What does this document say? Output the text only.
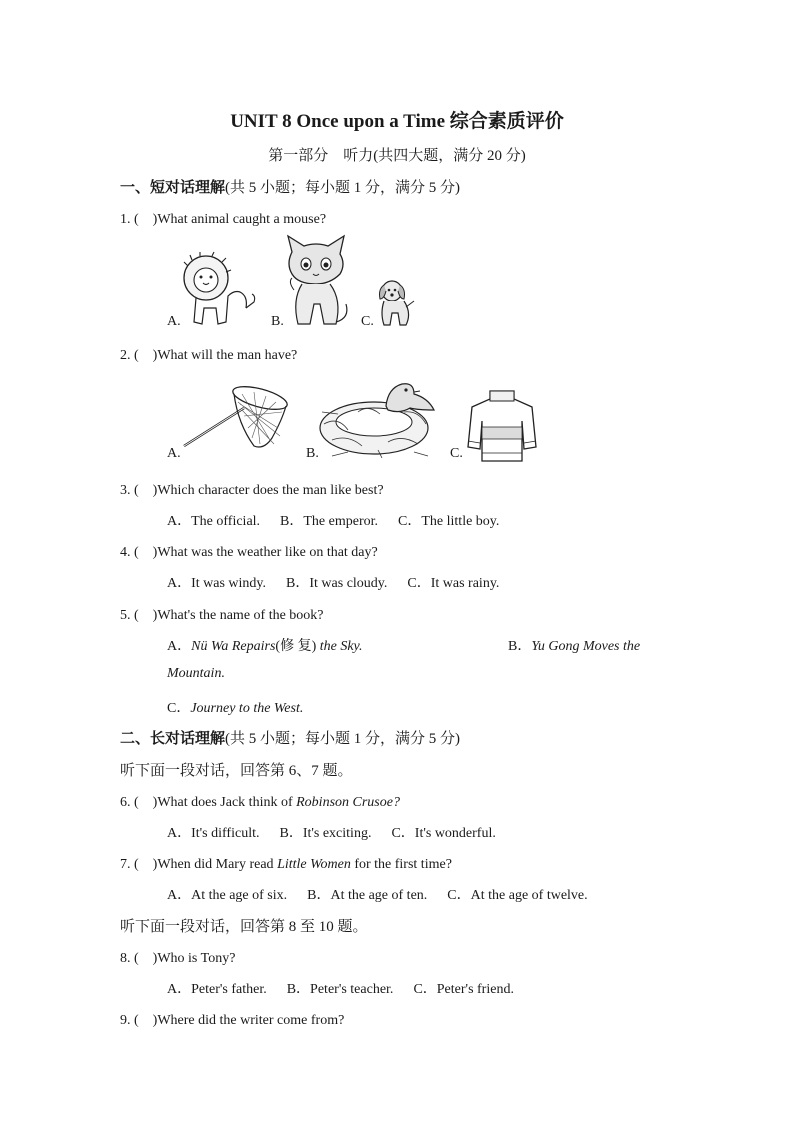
UNIT 8 Once upon a Time 综合素质评价
第一部分　听力(共四大题，满分 20 分)
一、短对话理解(共 5 小题；每小题 1 分，满分 5 分)
1. (　)What animal caught a mouse?
A.	B.	C.
2. (　)What will the man have?
A.	B.	C.
3. (　)Which character does the man like best?
A．The official. B．The emperor. C．The little boy.
4. (　)What was the weather like on that day?
A．It was windy. B．It was cloudy. C．It was rainy.
5. (　)What's the name of the book?
A．Nü Wa Repairs(修 复) the Sky.	B．Yu Gong Moves the
Mountain.
C．Journey to the West.
二、长对话理解(共 5 小题；每小题 1 分，满分 5 分)
听下面一段对话，回答第 6、7 题。
6. (　)What does Jack think of Robinson Crusoe?
A．It's difficult. B．It's exciting. C．It's wonderful.
7. (　)When did Mary read Little Women for the first time?
A．At the age of six. B．At the age of ten. C．At the age of twelve.
听下面一段对话，回答第 8 至 10 题。
8. (　)Who is Tony?
A．Peter's father. B．Peter's teacher. C．Peter's friend.
9. (　)Where did the writer come from?
